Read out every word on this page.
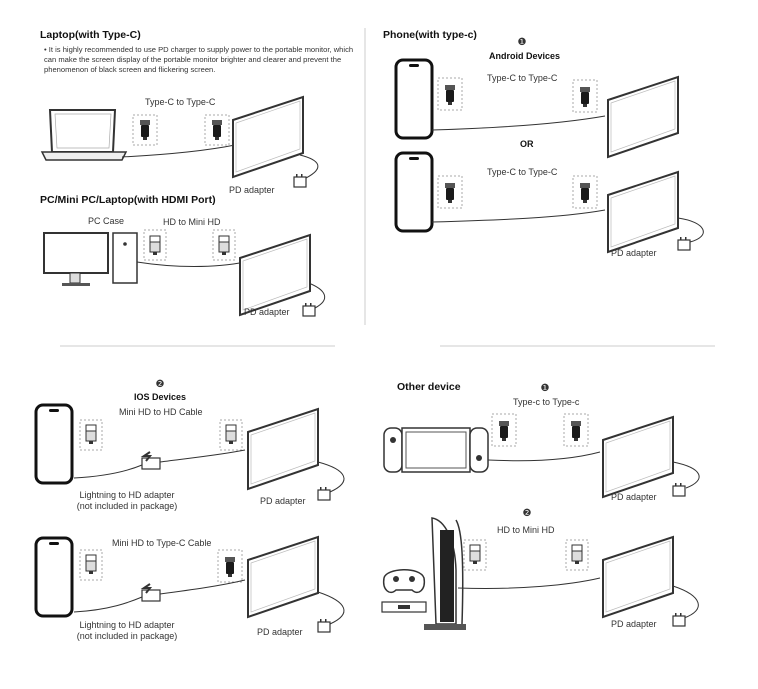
Laptop(with Type-C)
• It is highly recommended to use PD charger to supply power to the portable monitor, which can make the screen display of the portable monitor brighter and clearer and prevent the phenomenon of black screen and flickering screen.
Type-C to Type-C
PD adapter
PC/Mini PC/Laptop(with HDMI Port)
PC Case	HD to Mini HD
PD adapter
Phone(with type-c)
❶
Android Devices
Type-C to Type-C
OR
Type-C to Type-C
PD adapter
❷
IOS Devices
Mini HD to HD Cable
Lightning to HD adapter
(not included in package)	PD adapter
Mini HD to Type-C Cable
Lightning to HD adapter
(not included in package)	PD adapter
Other device	❶
Type-c to Type-c
PD adapter
❷
HD to Mini HD
PD adapter
